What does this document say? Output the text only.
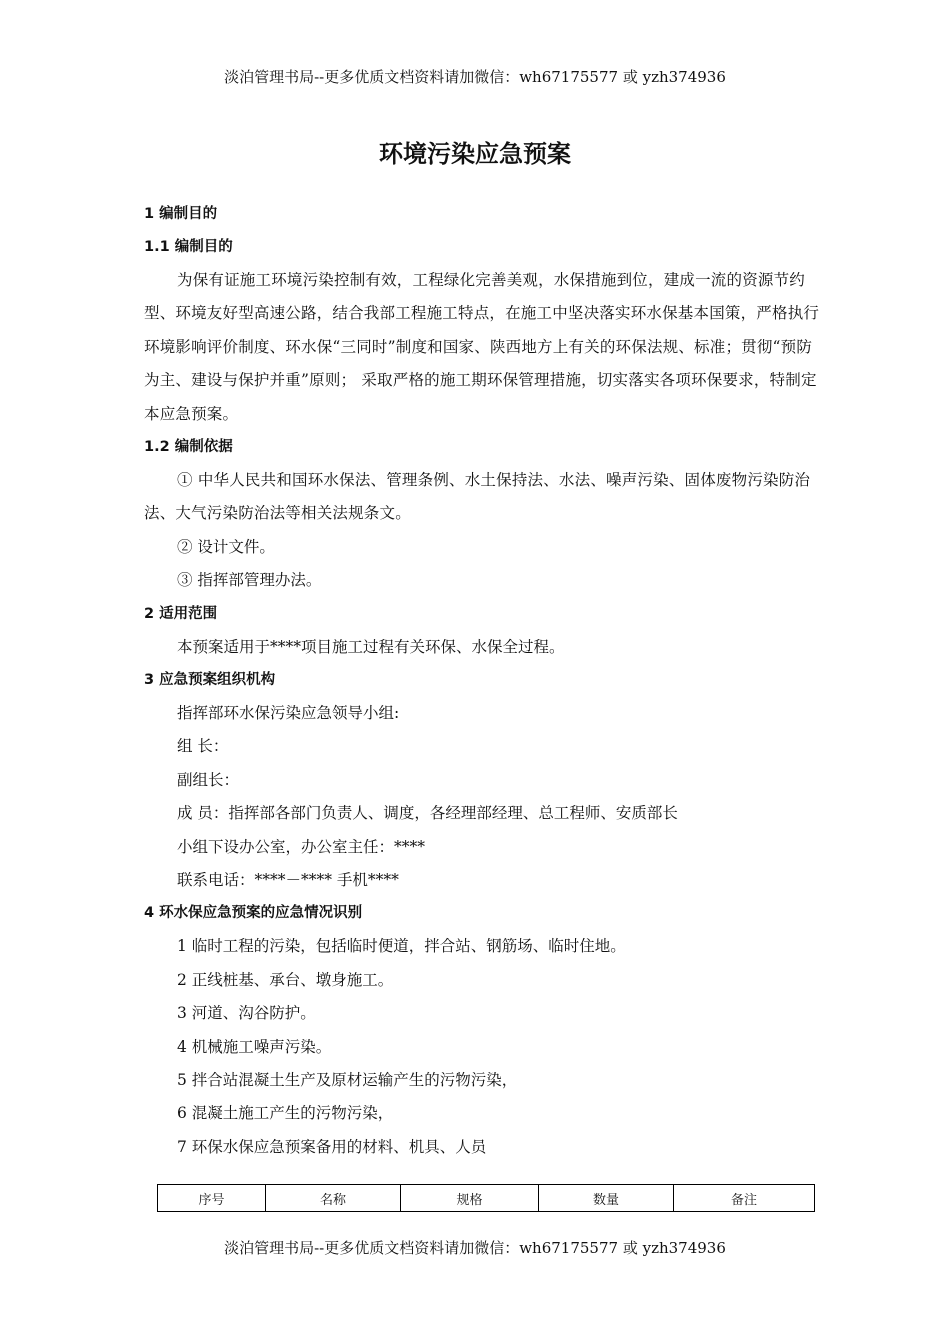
淡泊管理书局--更多优质文档资料请加微信：wh67175577 或 yzh374936
环境污染应急预案
1 编制目的
1.1 编制目的
为保有证施工环境污染控制有效，工程绿化完善美观，水保措施到位，建成一流的资源节约型、环境友好型高速公路，结合我部工程施工特点，在施工中坚决落实环水保基本国策，严格执行环境影响评价制度、环水保“三同时”制度和国家、陕西地方上有关的环保法规、标准；贯彻“预防为主、建设与保护并重”原则； 采取严格的施工期环保管理措施，切实落实各项环保要求，特制定本应急预案。
1.2 编制依据
① 中华人民共和国环水保法、管理条例、水土保持法、水法、噪声污染、固体废物污染防治法、大气污染防治法等相关法规条文。
② 设计文件。
③ 指挥部管理办法。
2 适用范围
本预案适用于****项目施工过程有关环保、水保全过程。
3 应急预案组织机构
指挥部环水保污染应急领导小组:
组 长：
副组长：
成 员：指挥部各部门负责人、调度，各经理部经理、总工程师、安质部长
小组下设办公室，办公室主任：****
联系电话：****－**** 手机****
4 环水保应急预案的应急情况识别
1 临时工程的污染，包括临时便道，拌合站、钢筋场、临时住地。
2 正线桩基、承台、墩身施工。
3 河道、沟谷防护。
4 机械施工噪声污染。
5 拌合站混凝土生产及原材运输产生的污物污染，
6 混凝土施工产生的污物污染，
7 环保水保应急预案备用的材料、机具、人员
序号	名称	规格	数量	备注
淡泊管理书局--更多优质文档资料请加微信：wh67175577 或 yzh374936
